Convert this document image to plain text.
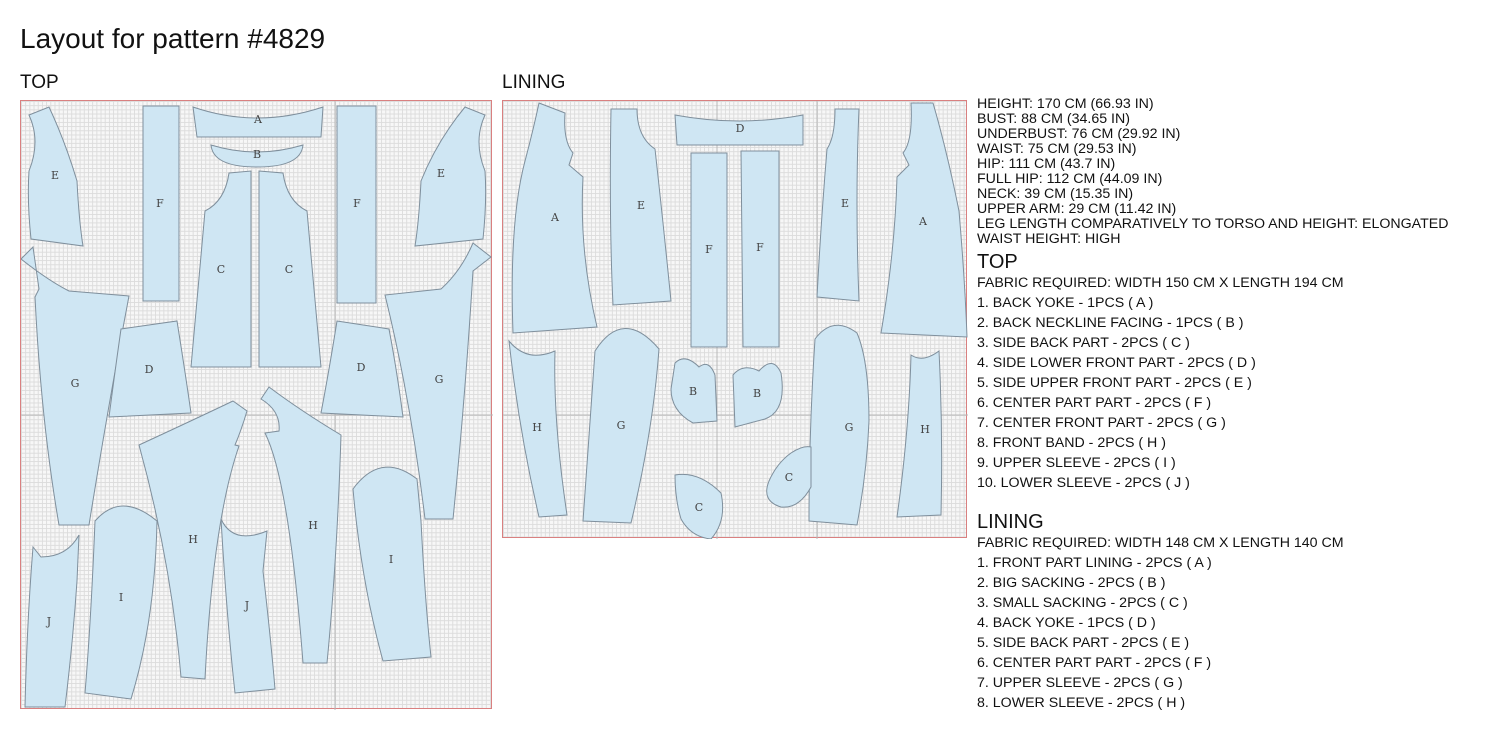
Layout for pattern #4829
TOP	LINING
A
B
E
F
C	C
F
E
G
D	D
G
H
H
J
I
J
I
D
A
E
F	F
E
A
H	G
B	B
G	H
C
C
HEIGHT: 170 CM (66.93 IN)
BUST: 88 CM (34.65 IN)
UNDERBUST: 76 CM (29.92 IN)
WAIST: 75 CM (29.53 IN)
HIP: 111 CM (43.7 IN)
FULL HIP: 112 CM (44.09 IN)
NECK: 39 CM (15.35 IN)
UPPER ARM: 29 CM (11.42 IN)
LEG LENGTH COMPARATIVELY TO TORSO AND HEIGHT: ELONGATED
WAIST HEIGHT: HIGH
TOP
FABRIC REQUIRED: WIDTH 150 CM X LENGTH 194 CM
1. BACK YOKE - 1PCS ( A )
2. BACK NECKLINE FACING - 1PCS ( B )
3. SIDE BACK PART - 2PCS ( C )
4. SIDE LOWER FRONT PART - 2PCS ( D )
5. SIDE UPPER FRONT PART - 2PCS ( E )
6. CENTER PART PART - 2PCS ( F )
7. CENTER FRONT PART - 2PCS ( G )
8. FRONT BAND - 2PCS ( H )
9. UPPER SLEEVE - 2PCS ( I )
10. LOWER SLEEVE - 2PCS ( J )
LINING
FABRIC REQUIRED: WIDTH 148 CM X LENGTH 140 CM
1. FRONT PART LINING - 2PCS ( A )
2. BIG SACKING - 2PCS ( B )
3. SMALL SACKING - 2PCS ( C )
4. BACK YOKE - 1PCS ( D )
5. SIDE BACK PART - 2PCS ( E )
6. CENTER PART PART - 2PCS ( F )
7. UPPER SLEEVE - 2PCS ( G )
8. LOWER SLEEVE - 2PCS ( H )
